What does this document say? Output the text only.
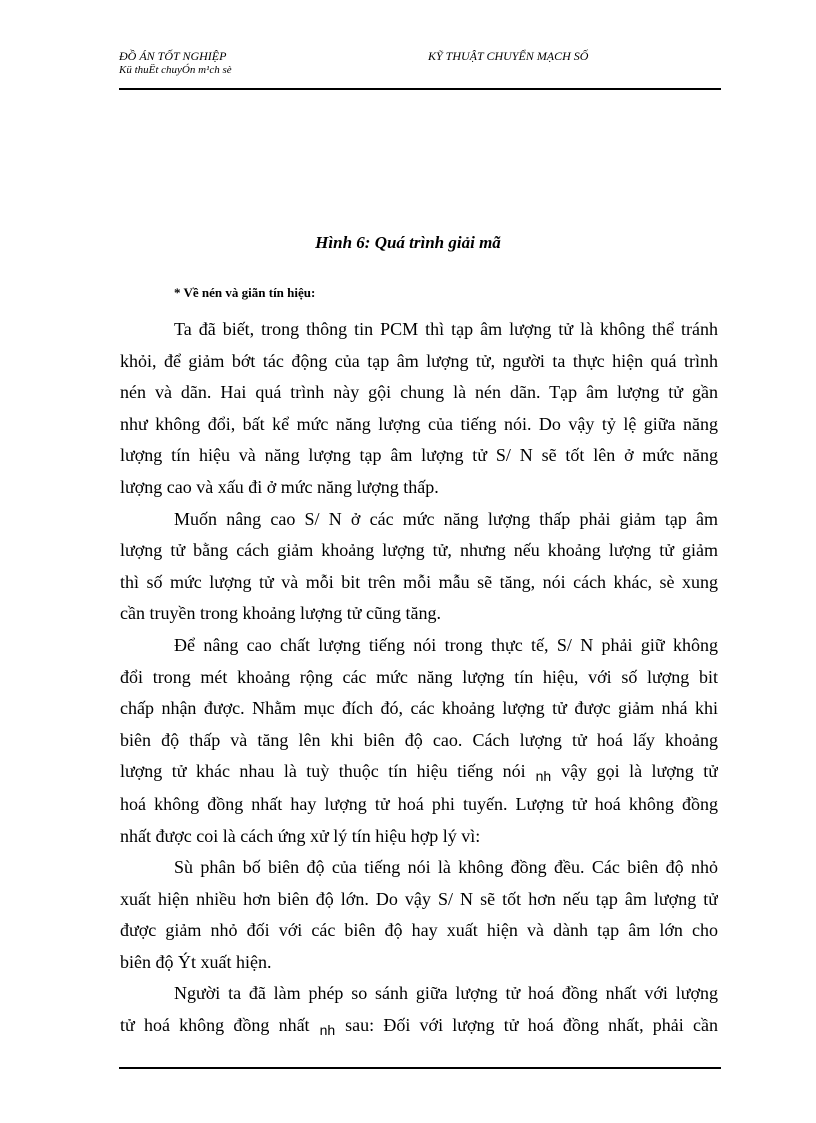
ĐỒ ÁN TỐT NGHIỆP
Kü thuËt chuyÓn m¹ch sè
KỸ THUẬT CHUYỂN MẠCH SỐ
Hình 6: Quá trình giải mã
* Về nén và giãn tín hiệu:
Ta đã biết, trong thông tin PCM thì tạp âm lượng tử là không thể tránh
khỏi, để giảm bớt tác động của tạp âm lượng tử, người ta thực hiện quá trình
nén và dãn. Hai quá trình này gội chung là nén dãn. Tạp âm lượng tử gần
như không đổi, bất kể mức năng lượng của tiếng nói. Do vậy tỷ lệ giữa năng
lượng tín hiệu và năng lượng tạp âm lượng tử S/ N sẽ tốt lên ở mức năng
lượng cao và xấu đi ở mức năng lượng thấp.
Muốn nâng cao S/ N ở các mức năng lượng thấp phải giảm tạp âm
lượng tử bằng cách giảm khoảng lượng tử, nhưng nếu khoảng lượng tử giảm
thì số mức lượng tử và mỗi bit trên mỗi mẫu sẽ tăng, nói cách khác, sè xung
cần truyền trong khoảng lượng tử cũng tăng.
Để nâng cao chất lượng tiếng nói trong thực tế, S/ N phải giữ không
đổi trong mét khoảng rộng các mức năng lượng tín hiệu, với số lượng bit
chấp nhận được. Nhằm mục đích đó, các khoảng lượng tử được giảm nhá khi
biên độ thấp và tăng lên khi biên độ cao. Cách lượng tử hoá lấy khoảng
lượng tử khác nhau là tuỳ thuộc tín hiệu tiếng nói $_{nh}$ vậy gọi là lượng tử
hoá không đồng nhất hay lượng tử hoá phi tuyến. Lượng tử hoá không đồng
nhất được coi là cách ứng xử lý tín hiệu hợp lý vì:
Sù phân bố biên độ của tiếng nói là không đồng đều. Các biên độ nhỏ
xuất hiện nhiều hơn biên độ lớn. Do vậy S/ N sẽ tốt hơn nếu tạp âm lượng tử
được giảm nhỏ đối với các biên độ hay xuất hiện và dành tạp âm lớn cho
biên độ Ýt xuất hiện.
Người ta đã làm phép so sánh giữa lượng tử hoá đồng nhất với lượng
tử hoá không đồng nhất $_{nh}$ sau: Đối với lượng tử hoá đồng nhất, phải cần
